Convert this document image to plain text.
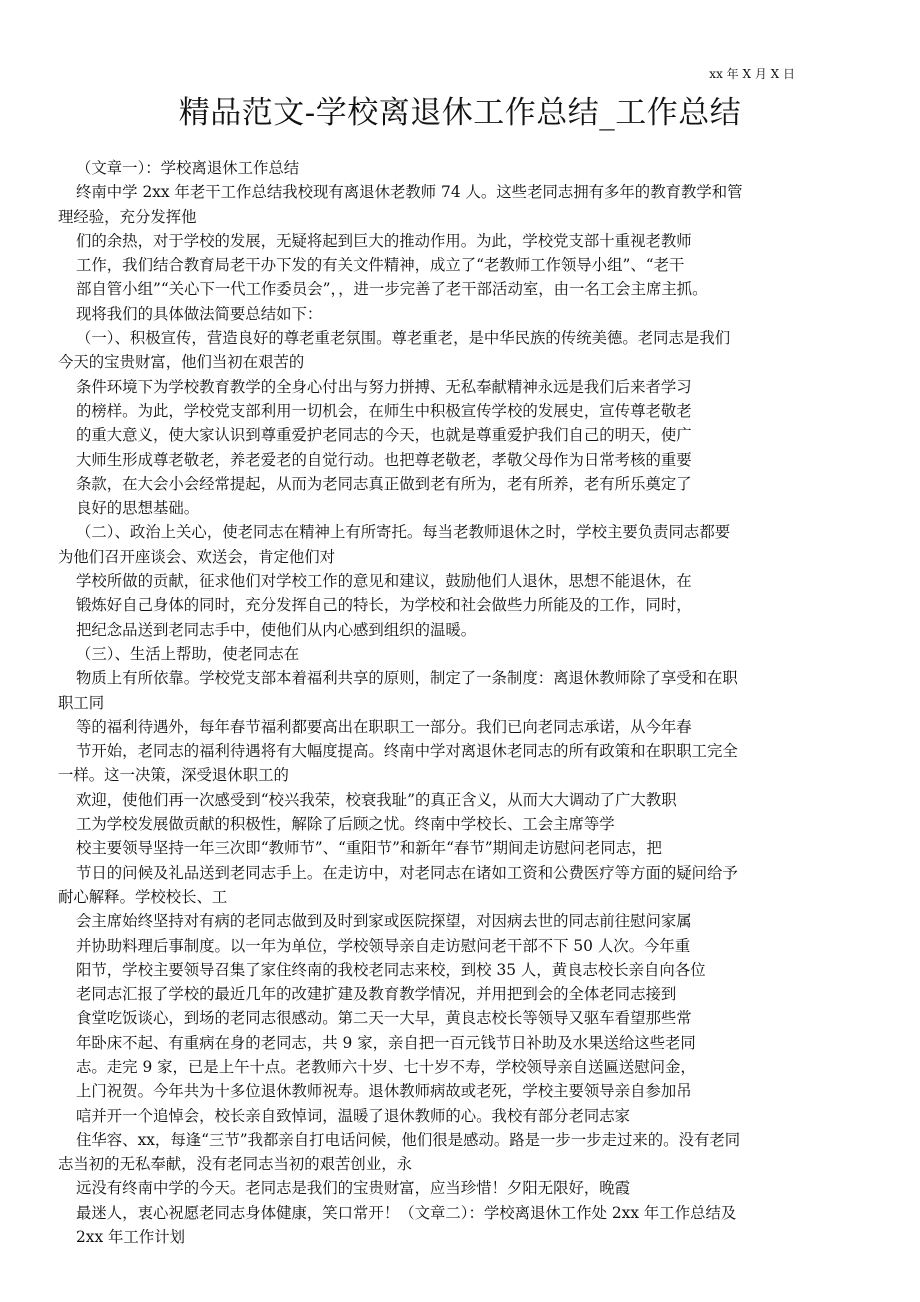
xx 年 X 月 X 日
精品范文-学校离退休工作总结_工作总结
（文章一）：学校离退休工作总结
终南中学 2xx 年老干工作总结我校现有离退休老教师 74 人。这些老同志拥有多年的教育教学和管
理经验，充分发挥他
们的余热，对于学校的发展，无疑将起到巨大的推动作用。为此，学校党支部十重视老教师
工作，我们结合教育局老干办下发的有关文件精神，成立了“老教师工作领导小组”、“老干
部自管小组”“关心下一代工作委员会”，，进一步完善了老干部活动室，由一名工会主席主抓。
现将我们的具体做法简要总结如下：
（一）、积极宣传，营造良好的尊老重老氛围。尊老重老，是中华民族的传统美德。老同志是我们
今天的宝贵财富，他们当初在艰苦的
条件环境下为学校教育教学的全身心付出与努力拼搏、无私奉献精神永远是我们后来者学习
的榜样。为此，学校党支部利用一切机会，在师生中积极宣传学校的发展史，宣传尊老敬老
的重大意义，使大家认识到尊重爱护老同志的今天，也就是尊重爱护我们自己的明天，使广
大师生形成尊老敬老，养老爱老的自觉行动。也把尊老敬老，孝敬父母作为日常考核的重要
条款，在大会小会经常提起，从而为老同志真正做到老有所为，老有所养，老有所乐奠定了
良好的思想基础。
（二）、政治上关心，使老同志在精神上有所寄托。每当老教师退休之时，学校主要负责同志都要
为他们召开座谈会、欢送会，肯定他们对
学校所做的贡献，征求他们对学校工作的意见和建议，鼓励他们人退休，思想不能退休，在
锻炼好自己身体的同时，充分发挥自己的特长，为学校和社会做些力所能及的工作，同时，
把纪念品送到老同志手中，使他们从内心感到组织的温暖。
（三）、生活上帮助，使老同志在
物质上有所依靠。学校党支部本着福利共享的原则，制定了一条制度：离退休教师除了享受和在职
职工同
等的福利待遇外，每年春节福利都要高出在职职工一部分。我们已向老同志承诺，从今年春
节开始，老同志的福利待遇将有大幅度提高。终南中学对离退休老同志的所有政策和在职职工完全
一样。这一决策，深受退休职工的
欢迎，使他们再一次感受到“校兴我荣，校衰我耻”的真正含义，从而大大调动了广大教职
工为学校发展做贡献的积极性，解除了后顾之忧。终南中学校长、工会主席等学
校主要领导坚持一年三次即“教师节”、“重阳节”和新年“春节”期间走访慰问老同志，把
节日的问候及礼品送到老同志手上。在走访中，对老同志在诸如工资和公费医疗等方面的疑问给予
耐心解释。学校校长、工
会主席始终坚持对有病的老同志做到及时到家或医院探望，对因病去世的同志前往慰问家属
并协助料理后事制度。以一年为单位，学校领导亲自走访慰问老干部不下 50 人次。今年重
阳节，学校主要领导召集了家住终南的我校老同志来校，到校 35 人，黄良志校长亲自向各位
老同志汇报了学校的最近几年的改建扩建及教育教学情况，并用把到会的全体老同志接到
食堂吃饭谈心，到场的老同志很感动。第二天一大早，黄良志校长等领导又驱车看望那些常
年卧床不起、有重病在身的老同志，共 9 家，亲自把一百元钱节日补助及水果送给这些老同
志。走完 9 家，已是上午十点。老教师六十岁、七十岁不寿，学校领导亲自送匾送慰问金，
上门祝贺。今年共为十多位退休教师祝寿。退休教师病故或老死，学校主要领导亲自参加吊
唁并开一个追悼会，校长亲自致悼词，温暖了退休教师的心。我校有部分老同志家
住华容、xx，每逢“三节”我都亲自打电话问候，他们很是感动。路是一步一步走过来的。没有老同
志当初的无私奉献，没有老同志当初的艰苦创业，永
远没有终南中学的今天。老同志是我们的宝贵财富，应当珍惜！夕阳无限好，晚霞
最迷人，衷心祝愿老同志身体健康，笑口常开！（文章二）：学校离退休工作处 2xx 年工作总结及
2xx 年工作计划
